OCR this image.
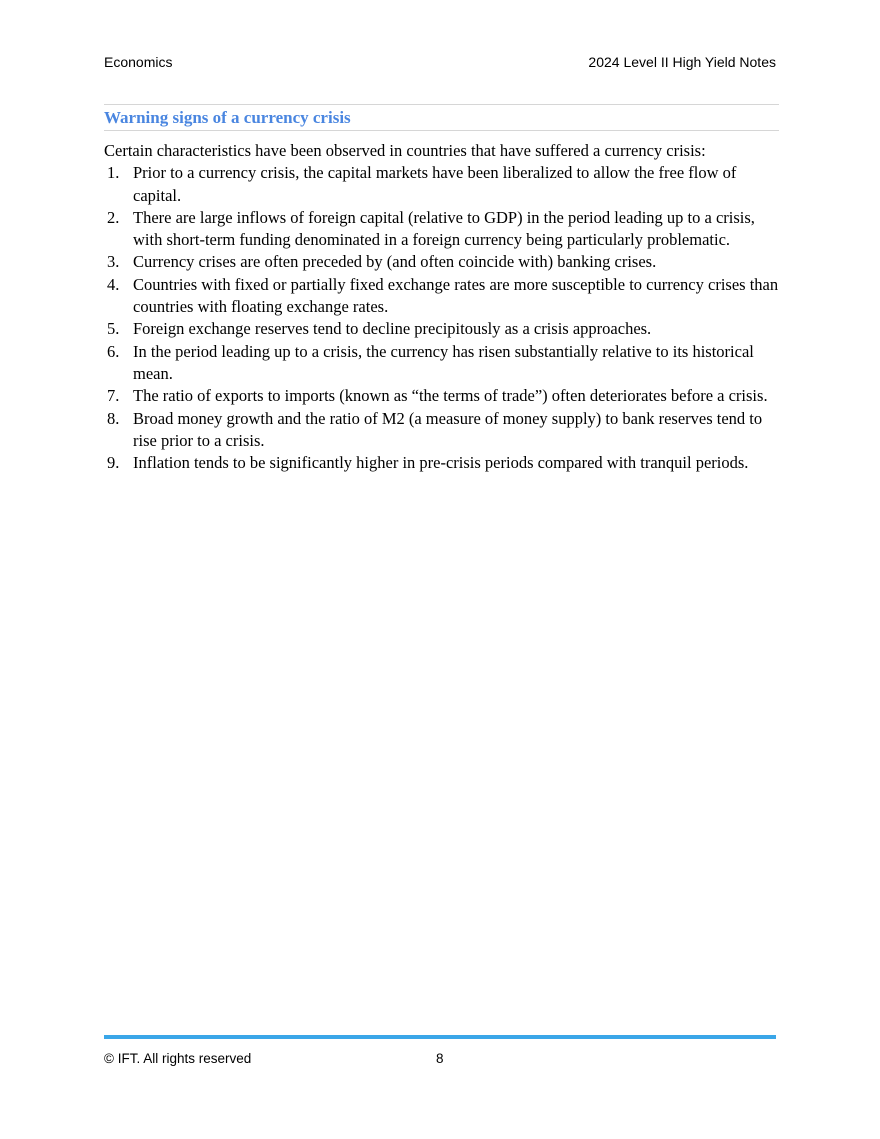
Economics	2024 Level II High Yield Notes
Warning signs of a currency crisis

Certain characteristics have been observed in countries that have suffered a currency crisis:

1. Prior to a currency crisis, the capital markets have been liberalized to allow the free flow of capital.
2. There are large inflows of foreign capital (relative to GDP) in the period leading up to a crisis, with short-term funding denominated in a foreign currency being particularly problematic.
3. Currency crises are often preceded by (and often coincide with) banking crises.
4. Countries with fixed or partially fixed exchange rates are more susceptible to currency crises than countries with floating exchange rates.
5. Foreign exchange reserves tend to decline precipitously as a crisis approaches.
6. In the period leading up to a crisis, the currency has risen substantially relative to its historical mean.
7. The ratio of exports to imports (known as “the terms of trade”) often deteriorates before a crisis.
8. Broad money growth and the ratio of M2 (a measure of money supply) to bank reserves tend to rise prior to a crisis.
9. Inflation tends to be significantly higher in pre-crisis periods compared with tranquil periods.
© IFT. All rights reserved	8
